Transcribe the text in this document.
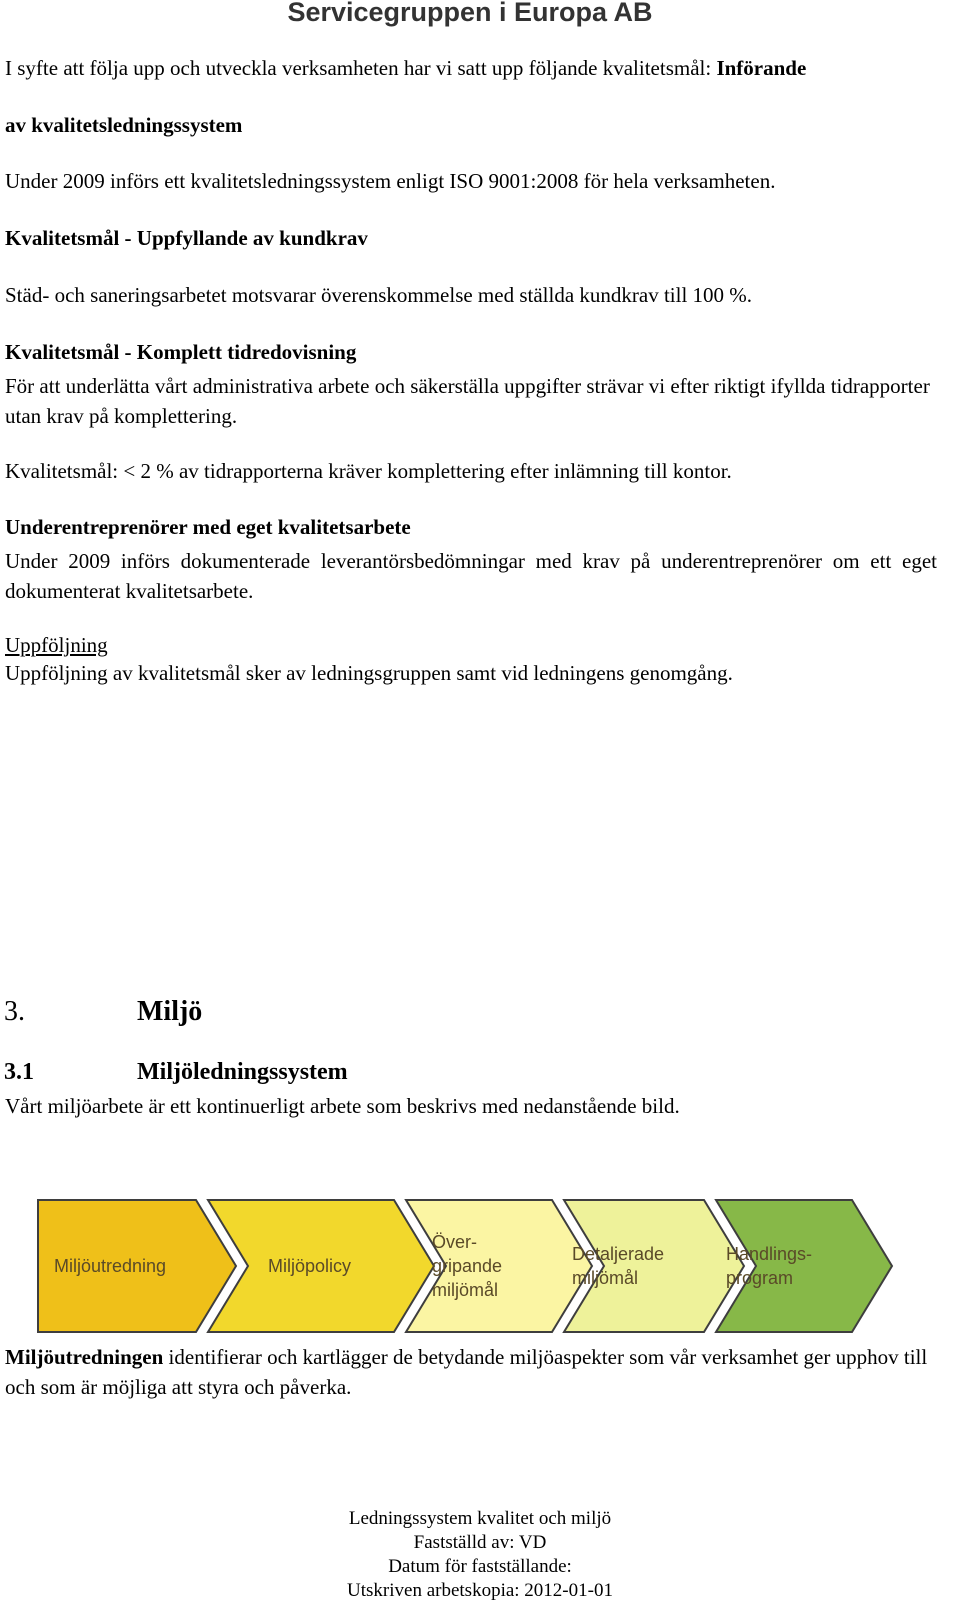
Servicegruppen i Europa AB

I syfte att följa upp och utveckla verksamheten har vi satt upp följande kvalitetsmål: Införande

av kvalitetsledningssystem

Under 2009 införs ett kvalitetsledningssystem enligt ISO 9001:2008 för hela verksamheten.

Kvalitetsmål - Uppfyllande av kundkrav

Städ- och saneringsarbetet motsvarar överenskommelse med ställda kundkrav till 100 %.

Kvalitetsmål - Komplett tidredovisning

För att underlätta vårt administrativa arbete och säkerställa uppgifter strävar vi efter riktigt ifyllda tidrapporter utan krav på komplettering.

Kvalitetsmål: < 2 % av tidrapporterna kräver komplettering efter inlämning till kontor.

Underentreprenörer med eget kvalitetsarbete

Under 2009 införs dokumenterade leverantörsbedömningar med krav på underentreprenörer om ett eget dokumenterat kvalitetsarbete.

Uppföljning

Uppföljning av kvalitetsmål sker av ledningsgruppen samt vid ledningens genomgång.

3.	Miljö
3.1	Miljöledningssystem

Vårt miljöarbete är ett kontinuerligt arbete som beskrivs med nedanstående bild.

Miljöutredning	Miljöpolicy
Över-
gripande
miljömål
Detaljerade
miljömål
Handlings-
program

Miljöutredningen identifierar och kartlägger de betydande miljöaspekter som vår verksamhet ger upphov till och som är möjliga att styra och påverka.

Ledningssystem kvalitet och miljö
Fastställd av: VD
Datum för fastställande:
Utskriven arbetskopia: 2012-01-01
